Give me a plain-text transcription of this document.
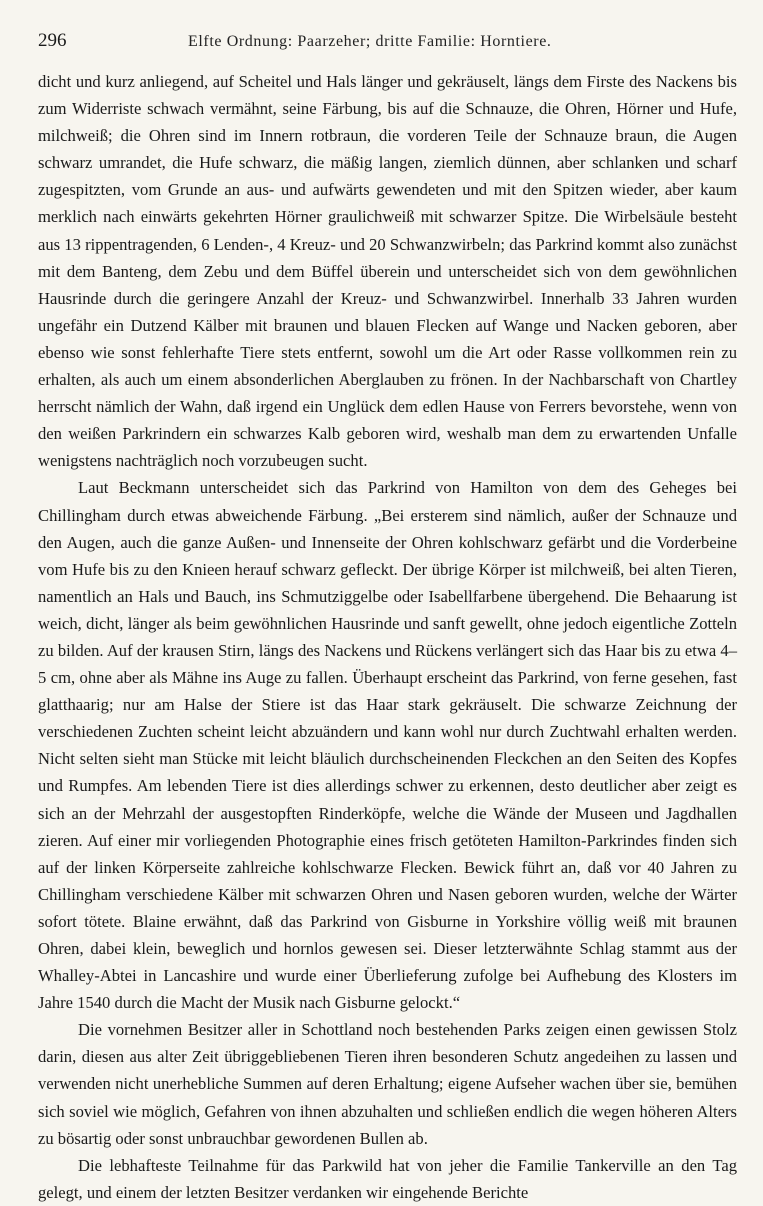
296	Elfte Ordnung: Paarzeher; dritte Familie: Horntiere.

dicht und kurz anliegend, auf Scheitel und Hals länger und gekräuselt, längs dem Firste des Nackens bis zum Widerriste schwach vermähnt, seine Färbung, bis auf die Schnauze, die Ohren, Hörner und Hufe, milchweiß; die Ohren sind im Innern rotbraun, die vorderen Teile der Schnauze braun, die Augen schwarz umrandet, die Hufe schwarz, die mäßig langen, ziemlich dünnen, aber schlanken und scharf zugespitzten, vom Grunde an aus- und aufwärts gewendeten und mit den Spitzen wieder, aber kaum merklich nach einwärts gekehrten Hörner graulichweiß mit schwarzer Spitze. Die Wirbelsäule besteht aus 13 rippentragenden, 6 Lenden-, 4 Kreuz- und 20 Schwanzwirbeln; das Parkrind kommt also zunächst mit dem Banteng, dem Zebu und dem Büffel überein und unterscheidet sich von dem gewöhnlichen Hausrinde durch die geringere Anzahl der Kreuz- und Schwanzwirbel. Innerhalb 33 Jahren wurden ungefähr ein Dutzend Kälber mit braunen und blauen Flecken auf Wange und Nacken geboren, aber ebenso wie sonst fehlerhafte Tiere stets entfernt, sowohl um die Art oder Rasse vollkommen rein zu erhalten, als auch um einem absonderlichen Aberglauben zu frönen. In der Nachbarschaft von Chartley herrscht nämlich der Wahn, daß irgend ein Unglück dem edlen Hause von Ferrers bevorstehe, wenn von den weißen Parkrindern ein schwarzes Kalb geboren wird, weshalb man dem zu erwartenden Unfalle wenigstens nachträglich noch vorzubeugen sucht.

Laut Beckmann unterscheidet sich das Parkrind von Hamilton von dem des Geheges bei Chillingham durch etwas abweichende Färbung. „Bei ersterem sind nämlich, außer der Schnauze und den Augen, auch die ganze Außen- und Innenseite der Ohren kohlschwarz gefärbt und die Vorderbeine vom Hufe bis zu den Knieen herauf schwarz gefleckt. Der übrige Körper ist milchweiß, bei alten Tieren, namentlich an Hals und Bauch, ins Schmutziggelbe oder Isabellfarbene übergehend. Die Behaarung ist weich, dicht, länger als beim gewöhnlichen Hausrinde und sanft gewellt, ohne jedoch eigentliche Zotteln zu bilden. Auf der krausen Stirn, längs des Nackens und Rückens verlängert sich das Haar bis zu etwa 4–5 cm, ohne aber als Mähne ins Auge zu fallen. Überhaupt erscheint das Parkrind, von ferne gesehen, fast glatthaarig; nur am Halse der Stiere ist das Haar stark gekräuselt. Die schwarze Zeichnung der verschiedenen Zuchten scheint leicht abzuändern und kann wohl nur durch Zuchtwahl erhalten werden. Nicht selten sieht man Stücke mit leicht bläulich durchscheinenden Fleckchen an den Seiten des Kopfes und Rumpfes. Am lebenden Tiere ist dies allerdings schwer zu erkennen, desto deutlicher aber zeigt es sich an der Mehrzahl der ausgestopften Rinderköpfe, welche die Wände der Museen und Jagdhallen zieren. Auf einer mir vorliegenden Photographie eines frisch getöteten Hamilton-Parkrindes finden sich auf der linken Körperseite zahlreiche kohlschwarze Flecken. Bewick führt an, daß vor 40 Jahren zu Chillingham verschiedene Kälber mit schwarzen Ohren und Nasen geboren wurden, welche der Wärter sofort tötete. Blaine erwähnt, daß das Parkrind von Gisburne in Yorkshire völlig weiß mit braunen Ohren, dabei klein, beweglich und hornlos gewesen sei. Dieser letzterwähnte Schlag stammt aus der Whalley-Abtei in Lancashire und wurde einer Überlieferung zufolge bei Aufhebung des Klosters im Jahre 1540 durch die Macht der Musik nach Gisburne gelockt.“

Die vornehmen Besitzer aller in Schottland noch bestehenden Parks zeigen einen gewissen Stolz darin, diesen aus alter Zeit übriggebliebenen Tieren ihren besonderen Schutz angedeihen zu lassen und verwenden nicht unerhebliche Summen auf deren Erhaltung; eigene Aufseher wachen über sie, bemühen sich soviel wie möglich, Gefahren von ihnen abzuhalten und schließen endlich die wegen höheren Alters zu bösartig oder sonst unbrauchbar gewordenen Bullen ab.

Die lebhafteste Teilnahme für das Parkwild hat von jeher die Familie Tankerville an den Tag gelegt, und einem der letzten Besitzer verdanken wir eingehende Berichte
